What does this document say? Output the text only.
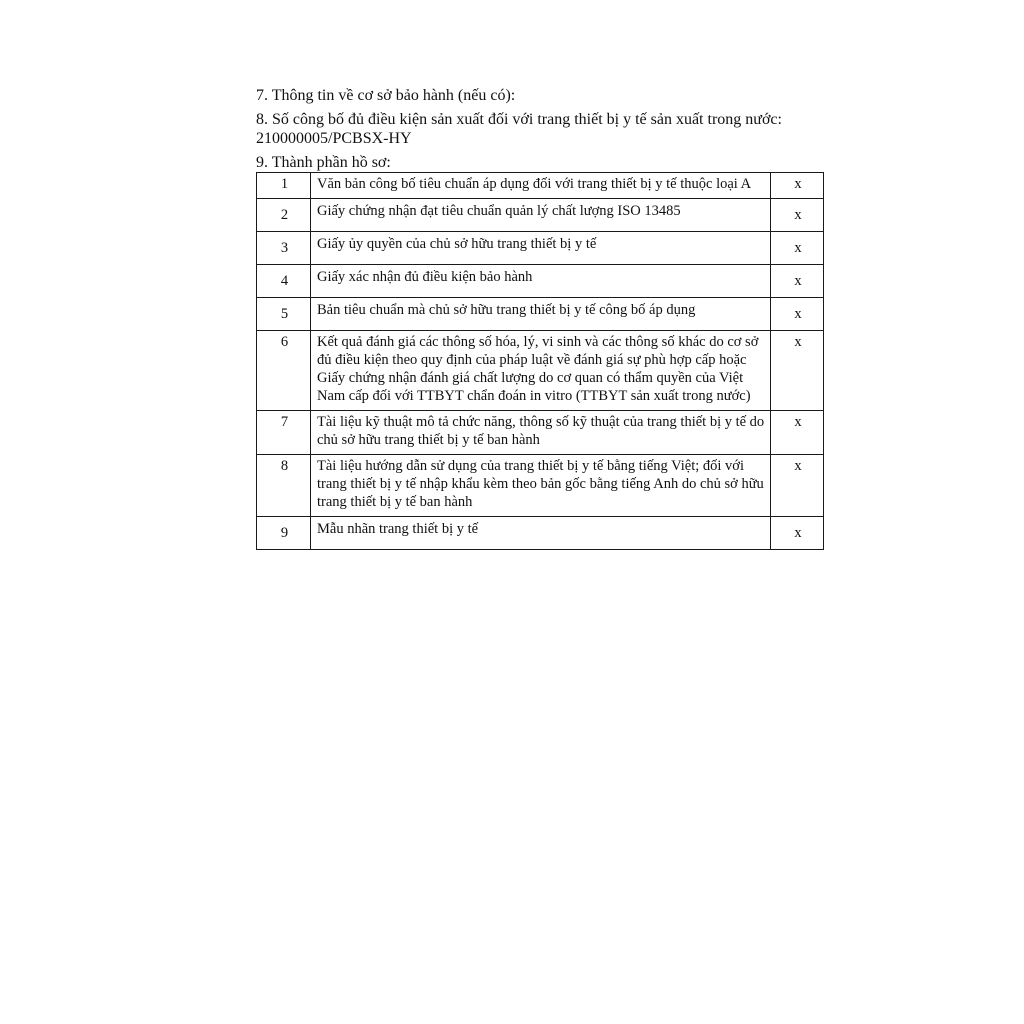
7. Thông tin về cơ sở bảo hành (nếu có):

8. Số công bố đủ điều kiện sản xuất đối với trang thiết bị y tế sản xuất trong nước: 210000005/PCBSX-HY

9. Thành phần hồ sơ:

1	Văn bản công bố tiêu chuẩn áp dụng đối với trang thiết bị y tế thuộc loại A	x
2	Giấy chứng nhận đạt tiêu chuẩn quản lý chất lượng ISO 13485	x
3	Giấy ủy quyền của chủ sở hữu trang thiết bị y tế	x
4	Giấy xác nhận đủ điều kiện bảo hành	x
5	Bản tiêu chuẩn mà chủ sở hữu trang thiết bị y tế công bố áp dụng	x
6	Kết quả đánh giá các thông số hóa, lý, vi sinh và các thông số khác do cơ sở đủ điều kiện theo quy định của pháp luật về đánh giá sự phù hợp cấp hoặc Giấy chứng nhận đánh giá chất lượng do cơ quan có thẩm quyền của Việt Nam cấp đối với TTBYT chẩn đoán in vitro (TTBYT sản xuất trong nước)	x
7	Tài liệu kỹ thuật mô tả chức năng, thông số kỹ thuật của trang thiết bị y tế do chủ sở hữu trang thiết bị y tế ban hành	x
8	Tài liệu hướng dẫn sử dụng của trang thiết bị y tế bằng tiếng Việt; đối với trang thiết bị y tế nhập khẩu kèm theo bản gốc bằng tiếng Anh do chủ sở hữu trang thiết bị y tế ban hành	x
9	Mẫu nhãn trang thiết bị y tế	x
